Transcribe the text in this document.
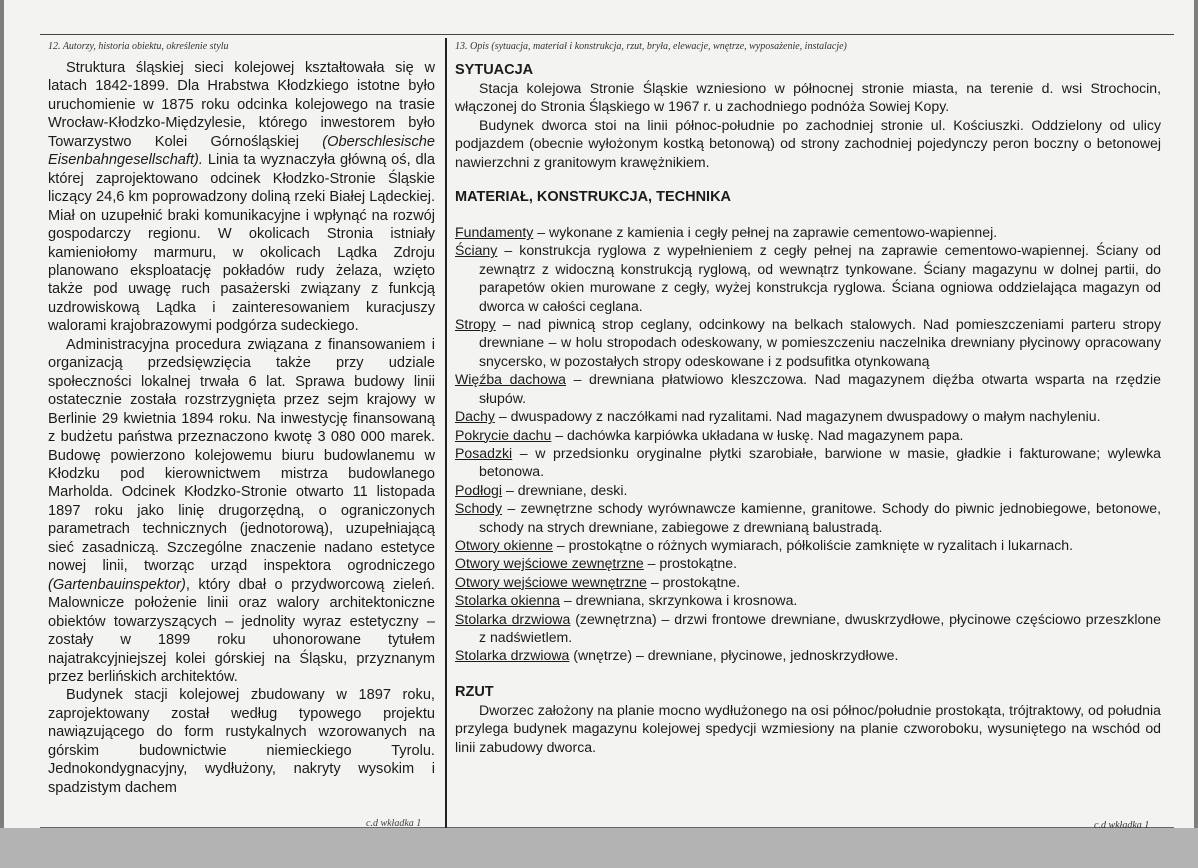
12. Autorzy, historia obiektu, określenie stylu	13. Opis (sytuacja, materiał i konstrukcja, rzut, bryła, elewacje, wnętrze, wyposażenie, instalacje)

Struktura śląskiej sieci kolejowej kształtowała się w latach 1842-1899. Dla Hrabstwa Kłodzkiego istotne było uruchomienie w 1875 roku odcinka kolejowego na trasie Wrocław-Kłodzko-Międzylesie, którego inwestorem było Towarzystwo Kolei Górnośląskiej (Oberschlesische Eisenbahngesellschaft). Linia ta wyznaczyła główną oś, dla której zaprojektowano odcinek Kłodzko-Stronie Śląskie liczący 24,6 km poprowadzony doliną rzeki Białej Lądeckiej. Miał on uzupełnić braki komunikacyjne i wpłynąć na rozwój gospodarczy regionu. W okolicach Stronia istniały kamieniołomy marmuru, w okolicach Lądka Zdroju planowano eksploatację pokładów rudy żelaza, wzięto także pod uwagę ruch pasażerski związany z funkcją uzdrowiskową Lądka i zainteresowaniem kuracjuszy walorami krajobrazowymi podgórza sudeckiego.

Administracyjna procedura związana z finansowaniem i organizacją przedsięwzięcia także przy udziale społeczności lokalnej trwała 6 lat. Sprawa budowy linii ostatecznie została rozstrzygnięta przez sejm krajowy w Berlinie 29 kwietnia 1894 roku. Na inwestycję finansowaną z budżetu państwa przeznaczono kwotę 3 080 000 marek. Budowę powierzono kolejowemu biuru budowlanemu w Kłodzku pod kierownictwem mistrza budowlanego Marholda. Odcinek Kłodzko-Stronie otwarto 11 listopada 1897 roku jako linię drugorzędną, o ograniczonych parametrach technicznych (jednotorową), uzupełniającą sieć zasadniczą. Szczególne znaczenie nadano estetyce nowej linii, tworząc urząd inspektora ogrodniczego (Gartenbauinspektor), który dbał o przydworcową zieleń. Malownicze położenie linii oraz walory architektoniczne obiektów towarzyszących – jednolity wyraz estetyczny – zostały w 1899 roku uhonorowane tytułem najatrakcyjniejszej kolei górskiej na Śląsku, przyznanym przez berlińskich architektów.

Budynek stacji kolejowej zbudowany w 1897 roku, zaprojektowany został według typowego projektu nawiązującego do form rustykalnych wzorowanych na górskim budownictwie niemieckiego Tyrolu. Jednokondygnacyjny, wydłużony, nakryty wysokim i spadzistym dachem

c.d wkładka 1
SYTUACJA

Stacja kolejowa Stronie Śląskie wzniesiono w północnej stronie miasta, na terenie d. wsi Strochocin, włączonej do Stronia Śląskiego w 1967 r. u zachodniego podnóża Sowiej Kopy.

Budynek dworca stoi na linii północ-południe po zachodniej stronie ul. Kościuszki. Oddzielony od ulicy podjazdem (obecnie wyłożonym kostką betonową) od strony zachodniej pojedynczy peron boczny o betonowej nawierzchni z granitowym krawężnikiem.

MATERIAŁ, KONSTRUKCJA, TECHNIKA

Fundamenty – wykonane z kamienia i cegły pełnej na zaprawie cementowo-wapiennej.

Ściany – konstrukcja ryglowa z wypełnieniem z cegły pełnej na zaprawie cementowo-wapiennej. Ściany od zewnątrz z widoczną konstrukcją ryglową, od wewnątrz tynkowane. Ściany magazynu w dolnej partii, do parapetów okien murowane z cegły, wyżej konstrukcja ryglowa. Ściana ogniowa oddzielająca magazyn od dworca w całości ceglana.

Stropy – nad piwnicą strop ceglany, odcinkowy na belkach stalowych. Nad pomieszczeniami parteru stropy drewniane – w holu stropodach odeskowany, w pomieszczeniu naczelnika drewniany płycinowy opracowany snycersko, w pozostałych stropy odeskowane i z podsufitka otynkowaną

Więźba dachowa – drewniana płatwiowo kleszczowa. Nad magazynem dięźba otwarta wsparta na rzędzie słupów.

Dachy – dwuspadowy z naczółkami nad ryzalitami. Nad magazynem dwuspadowy o małym nachyleniu.

Pokrycie dachu – dachówka karpiówka układana w łuskę. Nad magazynem papa.

Posadzki – w przedsionku oryginalne płytki szarobiałe, barwione w masie, gładkie i fakturowane; wylewka betonowa.

Podłogi – drewniane, deski.

Schody – zewnętrzne schody wyrównawcze kamienne, granitowe. Schody do piwnic jednobiegowe, betonowe, schody na strych drewniane, zabiegowe z drewnianą balustradą.

Otwory okienne – prostokątne o różnych wymiarach, półkoliście zamknięte w ryzalitach i lukarnach.

Otwory wejściowe zewnętrzne – prostokątne.

Otwory wejściowe wewnętrzne – prostokątne.

Stolarka okienna – drewniana, skrzynkowa i krosnowa.

Stolarka drzwiowa (zewnętrzna) – drzwi frontowe drewniane, dwuskrzydłowe, płycinowe częściowo przeszklone z nadświetlem.

Stolarka drzwiowa (wnętrze) – drewniane, płycinowe, jednoskrzydłowe.

RZUT

Dworzec założony na planie mocno wydłużonego na osi północ/południe prostokąta, trójtraktowy, od południa przylega budynek magazynu kolejowej spedycji wzmiesiony na planie czworoboku, wysuniętego na wschód od linii zabudowy dworca.

c.d wkładka 1
